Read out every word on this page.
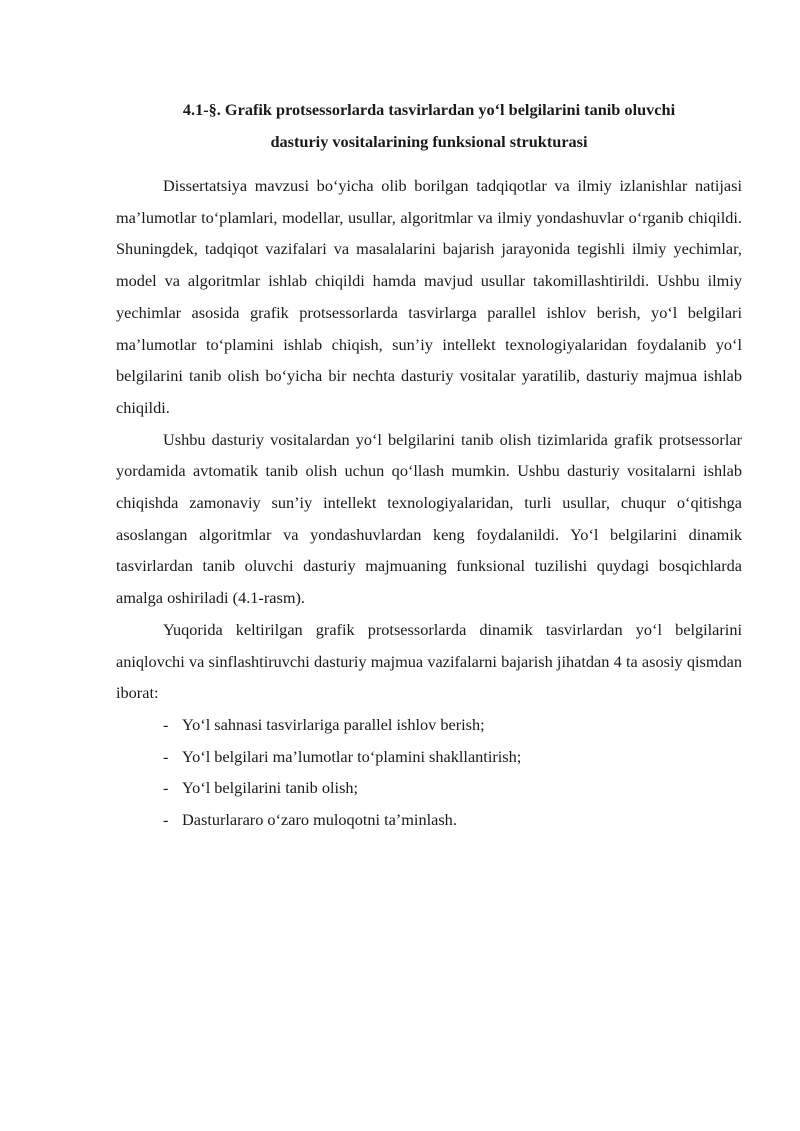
4.1-§. Grafik protsessorlarda tasvirlardan yo‘l belgilarini tanib oluvchi
dasturiy vositalarining funksional strukturasi

Dissertatsiya mavzusi bo‘yicha olib borilgan tadqiqotlar va ilmiy izlanishlar natijasi ma’lumotlar to‘plamlari, modellar, usullar, algoritmlar va ilmiy yondashuvlar o‘rganib chiqildi. Shuningdek, tadqiqot vazifalari va masalalarini bajarish jarayonida tegishli ilmiy yechimlar, model va algoritmlar ishlab chiqildi hamda mavjud usullar takomillashtirildi. Ushbu ilmiy yechimlar asosida grafik protsessorlarda tasvirlarga parallel ishlov berish, yo‘l belgilari ma’lumotlar to‘plamini ishlab chiqish, sun’iy intellekt texnologiyalaridan foydalanib yo‘l belgilarini tanib olish bo‘yicha bir nechta dasturiy vositalar yaratilib, dasturiy majmua ishlab chiqildi.

Ushbu dasturiy vositalardan yo‘l belgilarini tanib olish tizimlarida grafik protsessorlar yordamida avtomatik tanib olish uchun qo‘llash mumkin. Ushbu dasturiy vositalarni ishlab chiqishda zamonaviy sun’iy intellekt texnologiyalaridan, turli usullar, chuqur o‘qitishga asoslangan algoritmlar va yondashuvlardan keng foydalanildi. Yo‘l belgilarini dinamik tasvirlardan tanib oluvchi dasturiy majmuaning funksional tuzilishi quydagi bosqichlarda amalga oshiriladi (4.1-rasm).

Yuqorida keltirilgan grafik protsessorlarda dinamik tasvirlardan yo‘l belgilarini aniqlovchi va sinflashtiruvchi dasturiy majmua vazifalarni bajarish jihatdan 4 ta asosiy qismdan iborat:

- Yo‘l sahnasi tasvirlariga parallel ishlov berish;
- Yo‘l belgilari ma’lumotlar to‘plamini shakllantirish;
- Yo‘l belgilarini tanib olish;
- Dasturlararo o‘zaro muloqotni ta’minlash.
